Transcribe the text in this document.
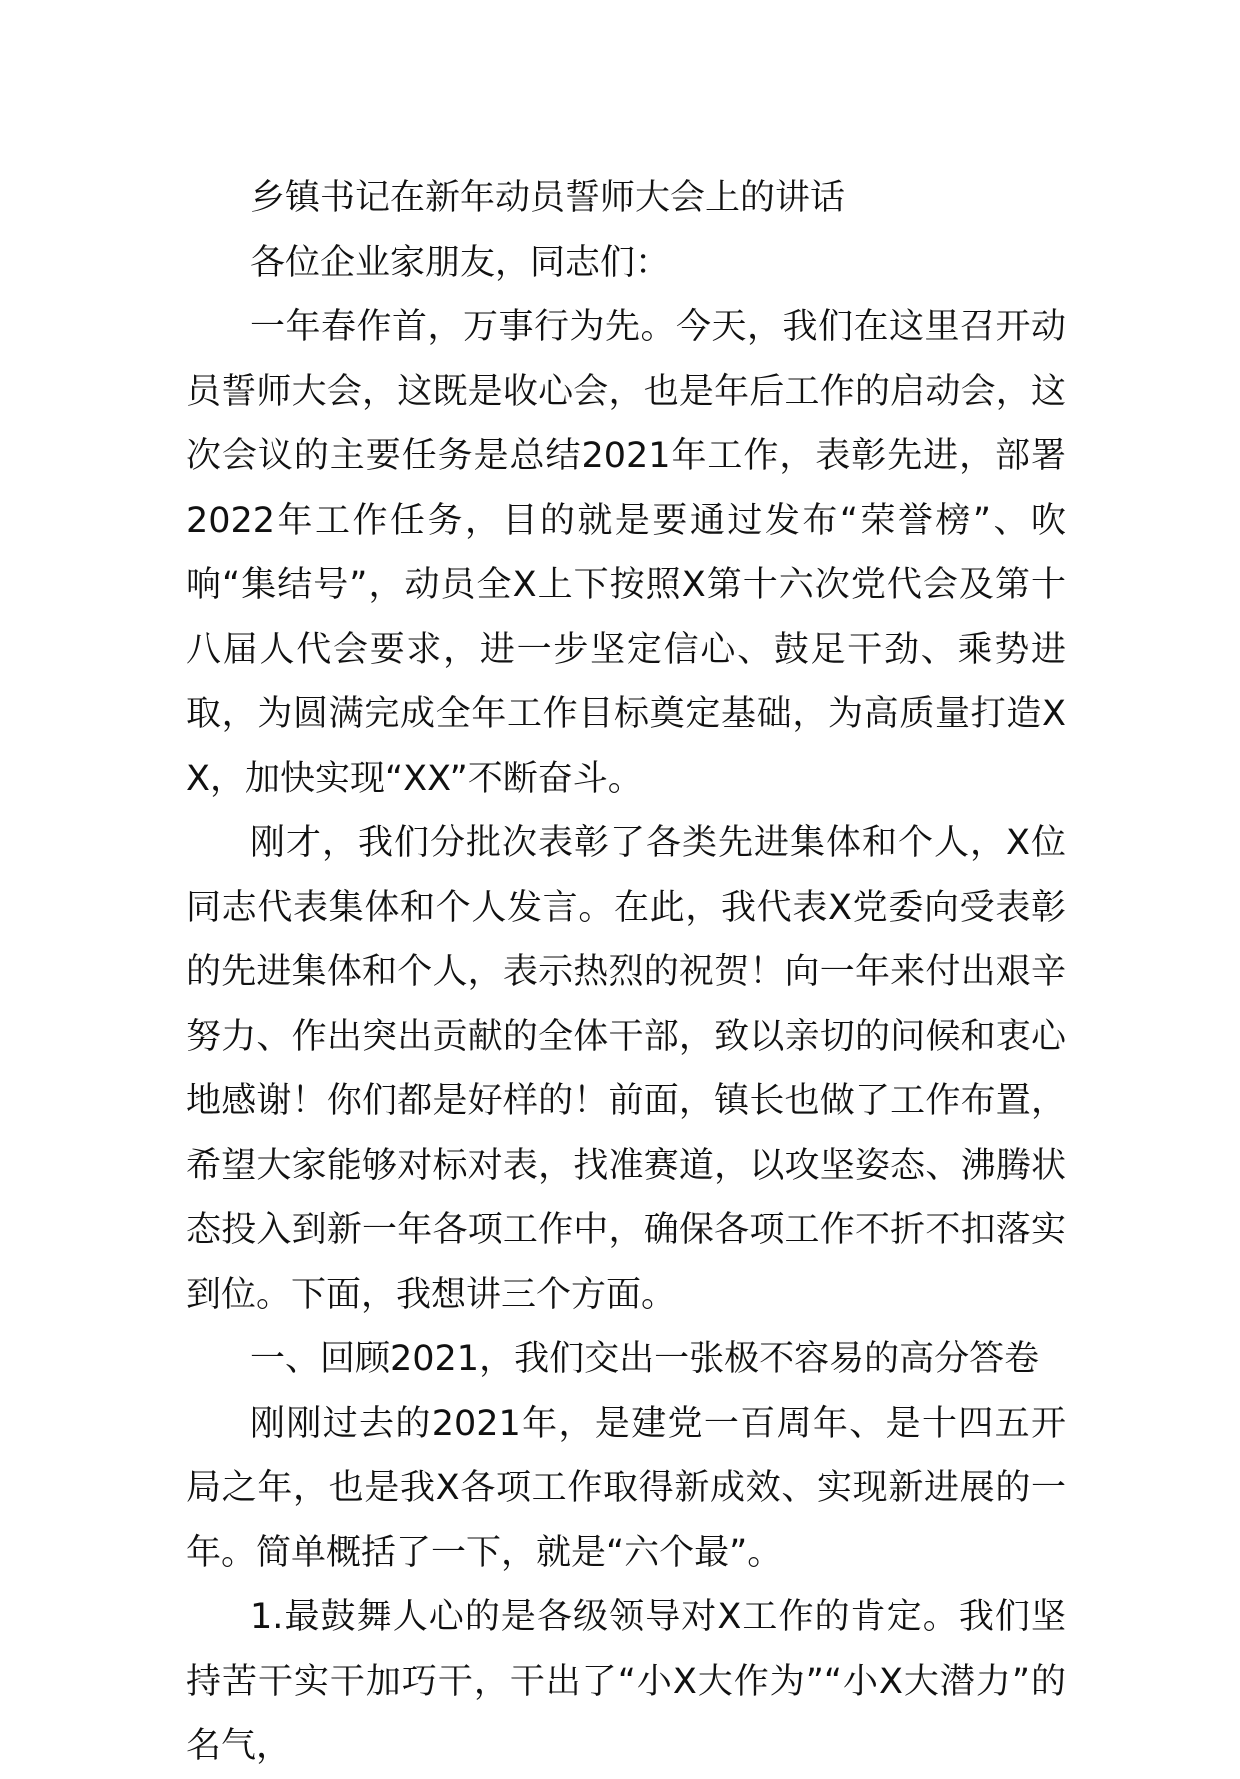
乡镇书记在新年动员誓师大会上的讲话

各位企业家朋友，同志们：

一年春作首，万事行为先。今天，我们在这里召开动员誓师大会，这既是收心会，也是年后工作的启动会，这次会议的主要任务是总结2021年工作，表彰先进，部署2022年工作任务，目的就是要通过发布“荣誉榜”、吹响“集结号”，动员全X上下按照X第十六次党代会及第十八届人代会要求，进一步坚定信心、鼓足干劲、乘势进取，为圆满完成全年工作目标奠定基础，为高质量打造XX，加快实现“XX”不断奋斗。

刚才，我们分批次表彰了各类先进集体和个人，X位同志代表集体和个人发言。在此，我代表X党委向受表彰的先进集体和个人，表示热烈的祝贺！向一年来付出艰辛努力、作出突出贡献的全体干部，致以亲切的问候和衷心地感谢！你们都是好样的！前面，镇长也做了工作布置，希望大家能够对标对表，找准赛道，以攻坚姿态、沸腾状态投入到新一年各项工作中，确保各项工作不折不扣落实到位。下面，我想讲三个方面。

一、回顾2021，我们交出一张极不容易的高分答卷

刚刚过去的2021年，是建党一百周年、是十四五开局之年，也是我X各项工作取得新成效、实现新进展的一年。简单概括了一下，就是“六个最”。

1.最鼓舞人心的是各级领导对X工作的肯定。我们坚持苦干实干加巧干，干出了“小X大作为”“小X大潜力”的名气，
